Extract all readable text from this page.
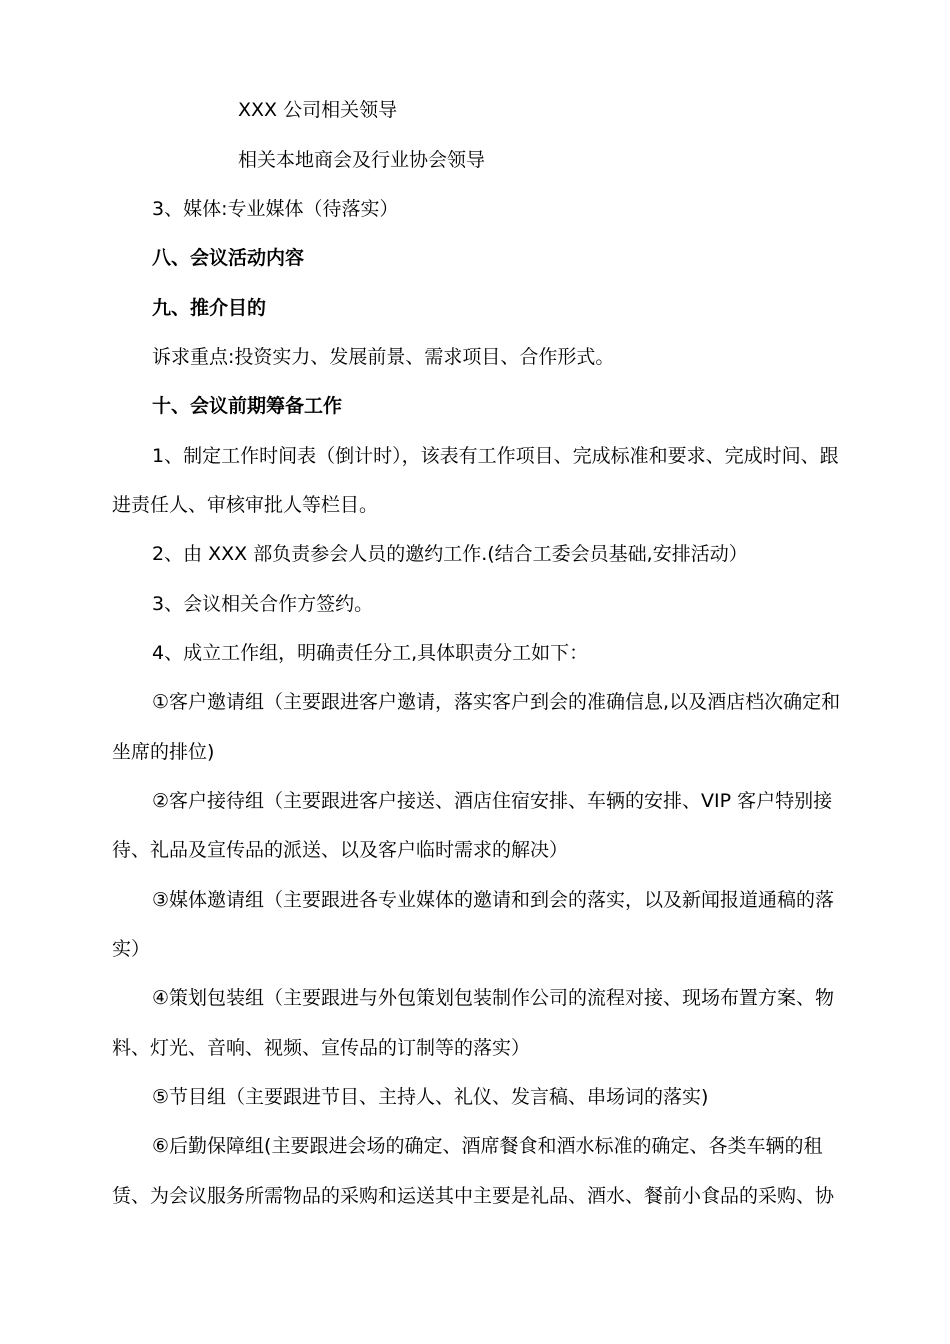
XXX 公司相关领导
相关本地商会及行业协会领导
3、媒体:专业媒体（待落实）
八、会议活动内容
九、推介目的
诉求重点:投资实力、发展前景、需求项目、合作形式。
十、会议前期筹备工作
1、制定工作时间表（倒计时），该表有工作项目、完成标准和要求、完成时间、跟
进责任人、审核审批人等栏目。
2、由 XXX 部负责参会人员的邀约工作.(结合工委会员基础,安排活动）
3、会议相关合作方签约。
4、成立工作组，明确责任分工,具体职责分工如下：
①客户邀请组（主要跟进客户邀请，落实客户到会的准确信息,以及酒店档次确定和
坐席的排位)
②客户接待组（主要跟进客户接送、酒店住宿安排、车辆的安排、VIP 客户特别接
待、礼品及宣传品的派送、以及客户临时需求的解决）
③媒体邀请组（主要跟进各专业媒体的邀请和到会的落实，以及新闻报道通稿的落
实）
④策划包装组（主要跟进与外包策划包装制作公司的流程对接、现场布置方案、物
料、灯光、音响、视频、宣传品的订制等的落实）
⑤节目组（主要跟进节目、主持人、礼仪、发言稿、串场词的落实)
⑥后勤保障组(主要跟进会场的确定、酒席餐食和酒水标准的确定、各类车辆的租
赁、为会议服务所需物品的采购和运送其中主要是礼品、酒水、餐前小食品的采购、协
